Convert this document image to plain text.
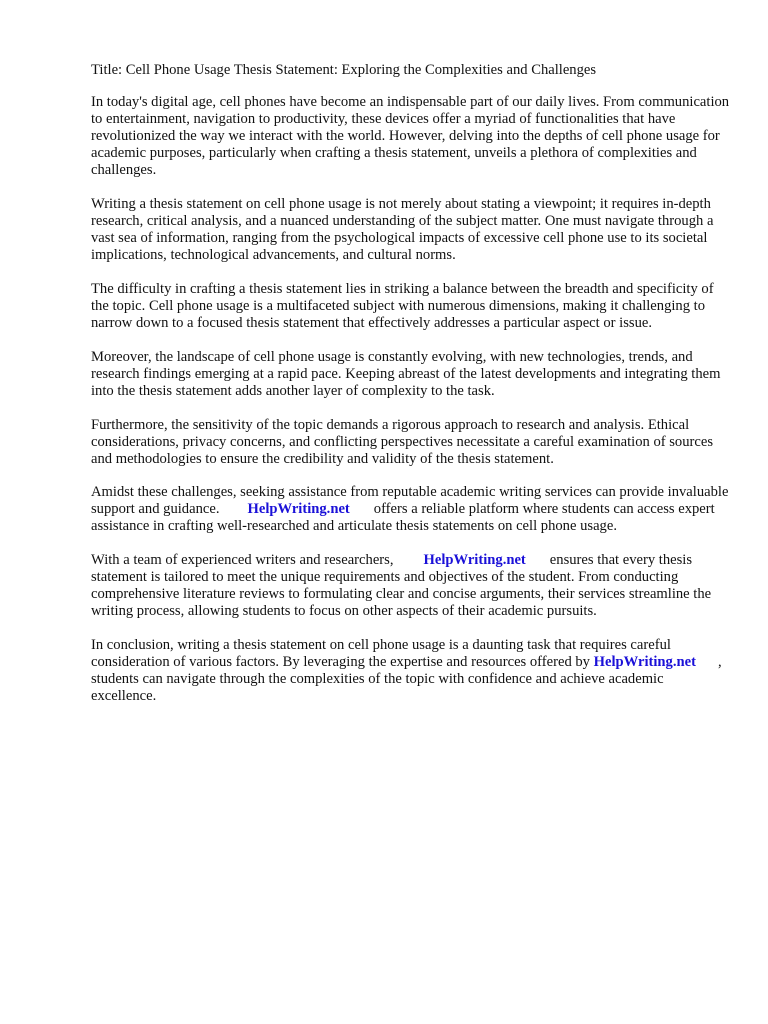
Title: Cell Phone Usage Thesis Statement: Exploring the Complexities and Challenges

In today's digital age, cell phones have become an indispensable part of our daily lives. From communication to entertainment, navigation to productivity, these devices offer a myriad of functionalities that have revolutionized the way we interact with the world. However, delving into the depths of cell phone usage for academic purposes, particularly when crafting a thesis statement, unveils a plethora of complexities and challenges.

Writing a thesis statement on cell phone usage is not merely about stating a viewpoint; it requires in-depth research, critical analysis, and a nuanced understanding of the subject matter. One must navigate through a vast sea of information, ranging from the psychological impacts of excessive cell phone use to its societal implications, technological advancements, and cultural norms.

The difficulty in crafting a thesis statement lies in striking a balance between the breadth and specificity of the topic. Cell phone usage is a multifaceted subject with numerous dimensions, making it challenging to narrow down to a focused thesis statement that effectively addresses a particular aspect or issue.

Moreover, the landscape of cell phone usage is constantly evolving, with new technologies, trends, and research findings emerging at a rapid pace. Keeping abreast of the latest developments and integrating them into the thesis statement adds another layer of complexity to the task.

Furthermore, the sensitivity of the topic demands a rigorous approach to research and analysis. Ethical considerations, privacy concerns, and conflicting perspectives necessitate a careful examination of sources and methodologies to ensure the credibility and validity of the thesis statement.

Amidst these challenges, seeking assistance from reputable academic writing services can provide invaluable support and guidance. HelpWriting.net offers a reliable platform where students can access expert assistance in crafting well-researched and articulate thesis statements on cell phone usage.

With a team of experienced writers and researchers, HelpWriting.net ensures that every thesis statement is tailored to meet the unique requirements and objectives of the student. From conducting comprehensive literature reviews to formulating clear and concise arguments, their services streamline the writing process, allowing students to focus on other aspects of their academic pursuits.

In conclusion, writing a thesis statement on cell phone usage is a daunting task that requires careful consideration of various factors. By leveraging the expertise and resources offered by HelpWriting.net , students can navigate through the complexities of the topic with confidence and achieve academic excellence.
